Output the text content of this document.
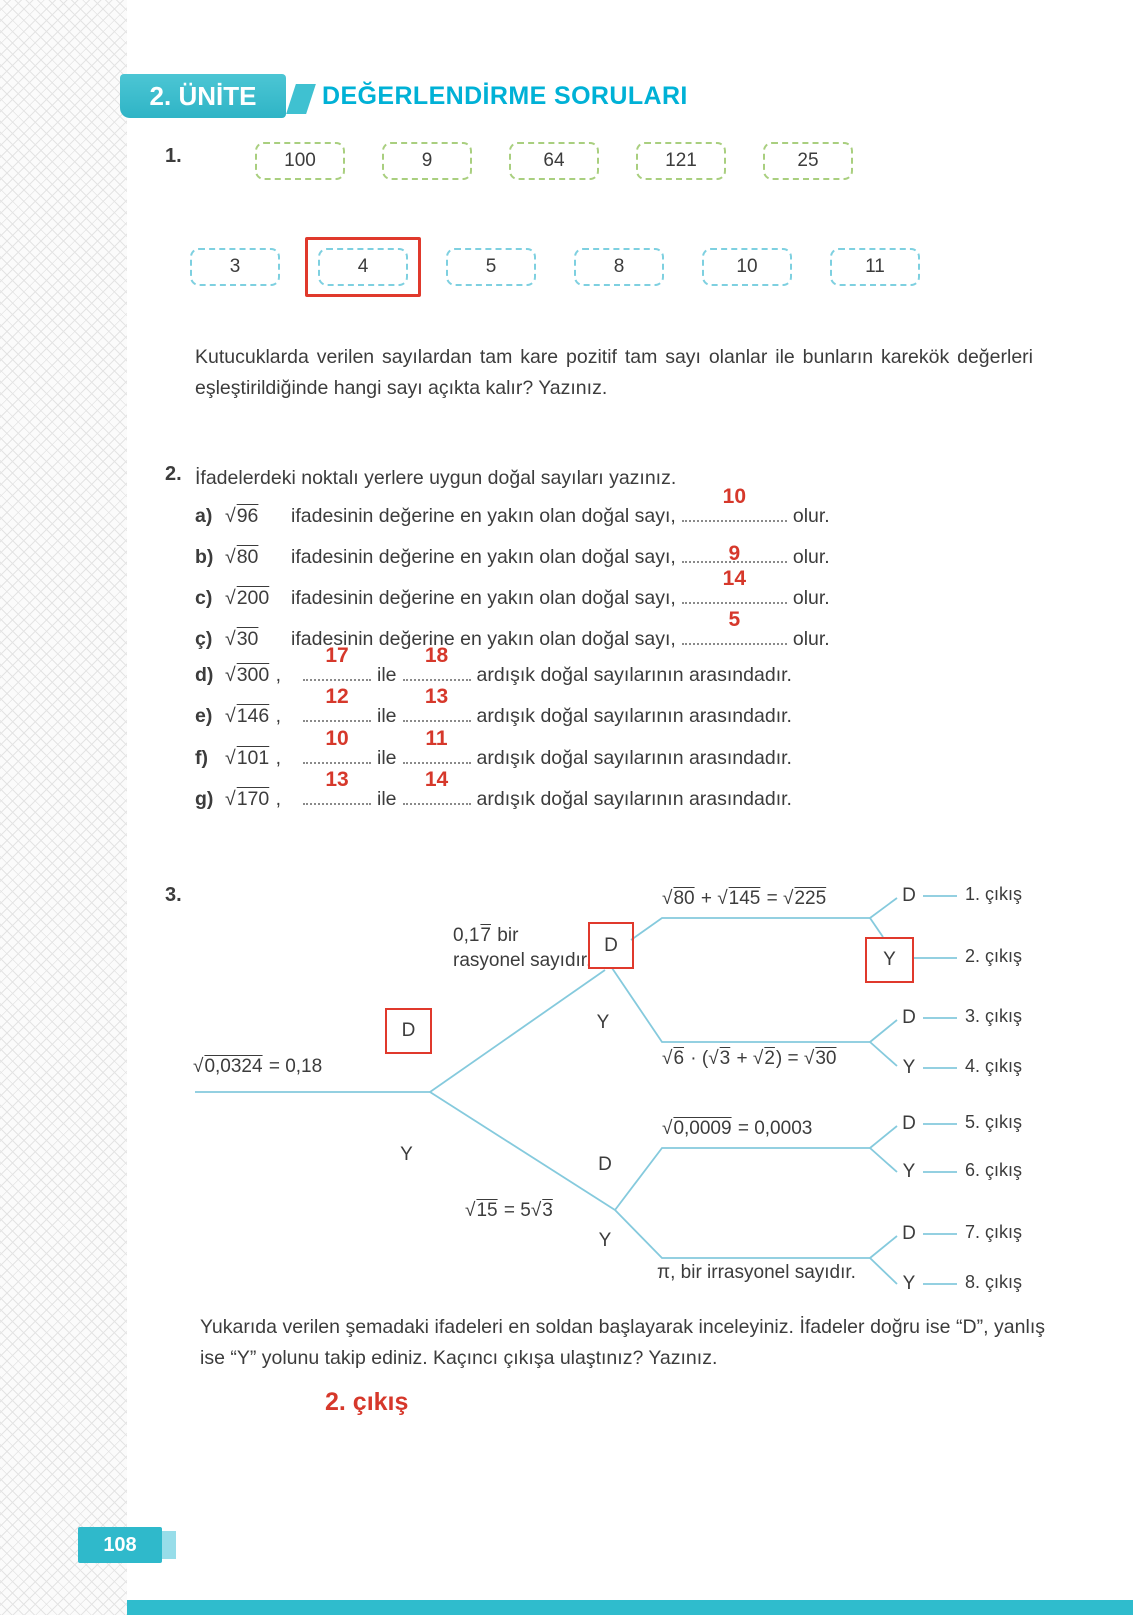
2. ÜNİTE	DEĞERLENDİRME SORULARI
1.	100	9	64	121	25
3	4	5	8	10	11
Kutucuklarda verilen sayılardan tam kare pozitif tam sayı olanlar ile bunların karekök değerleri eşleştirildiğinde hangi sayı açıkta kalır? Yazınız.
2. İfadelerdeki noktalı yerlere uygun doğal sayıları yazınız.
a) √96 ifadesinin değerine en yakın olan doğal sayı,
10
olur.
b) √80 ifadesinin değerine en yakın olan doğal sayı,	9	olur.
c) √200 ifadesinin değerine en yakın olan doğal sayı,
14
olur.
ç) √30 ifadesinin değerine en yakın olan doğal sayı,
5
olur.
d) √300 ,
17
ile
18
ardışık doğal sayılarının arasındadır.
e) √146 ,
12
ile
13
ardışık doğal sayılarının arasındadır.
f) √101 ,
10
ile
11
ardışık doğal sayılarının arasındadır.
g) √170 ,
13
ile
14
ardışık doğal sayılarının arasındadır.
3.
√0,0324 = 0,18
D
Y
0,17 bir
rasyonel sayıdır.
D
Y
√15 = 5√3
D
Y
√80 + √145 = √225
√6 · (√3 + √2) = √30
√0,0009 = 0,0003
π, bir irrasyonel sayıdır.
D
Y
D
Y
D
Y
D
Y
1. çıkış
2. çıkış
3. çıkış
4. çıkış
5. çıkış
6. çıkış
7. çıkış
8. çıkış
Yukarıda verilen şemadaki ifadeleri en soldan başlayarak inceleyiniz. İfadeler doğru ise “D”, yanlış ise “Y” yolunu takip ediniz. Kaçıncı çıkışa ulaştınız? Yazınız.
2. çıkış
108
